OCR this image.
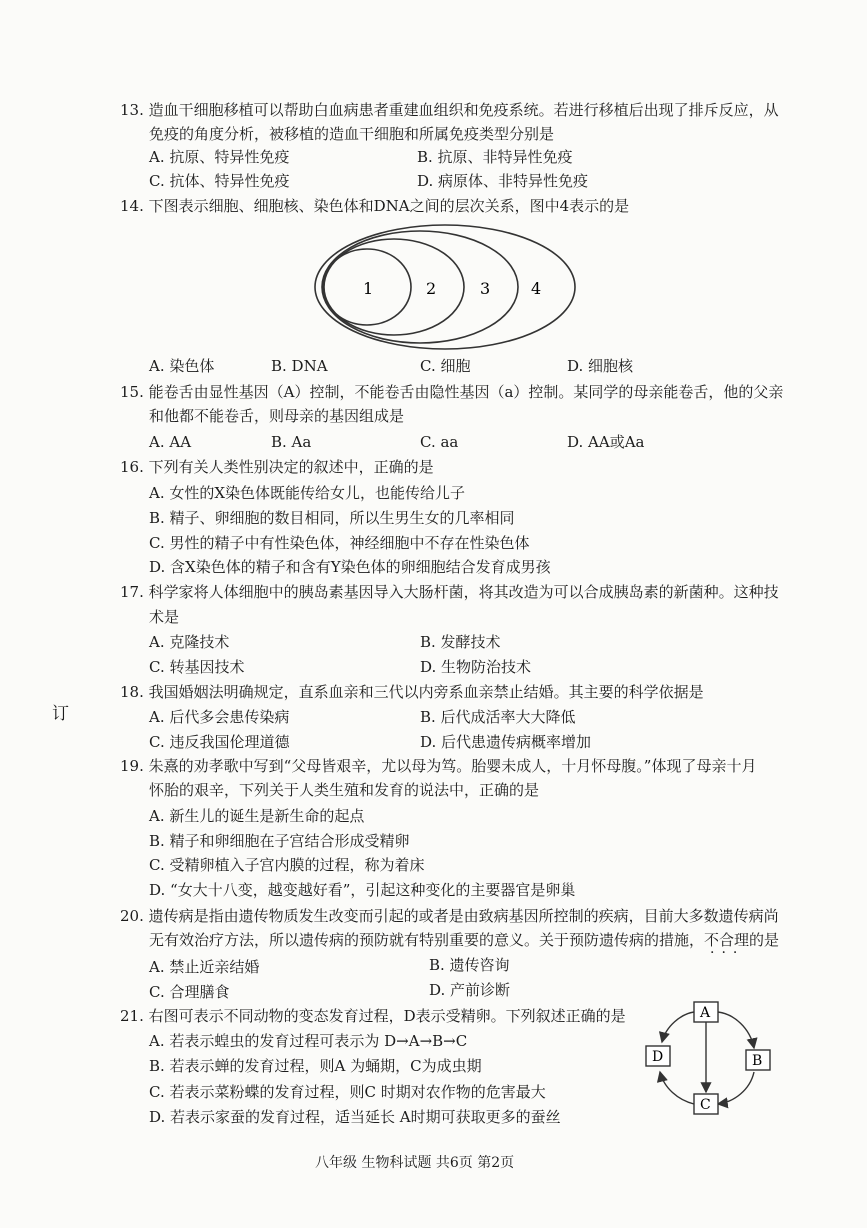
13. 造血干细胞移植可以帮助白血病患者重建血组织和免疫系统。若进行移植后出现了排斥反应，从
免疫的角度分析，被移植的造血干细胞和所属免疫类型分别是
A. 抗原、特异性免疫	B. 抗原、非特异性免疫
C. 抗体、特异性免疫	D. 病原体、非特异性免疫
14. 下图表示细胞、细胞核、染色体和DNA之间的层次关系，图中4表示的是
1	2	3	4
A. 染色体	B. DNA	C. 细胞	D. 细胞核
15. 能卷舌由显性基因（A）控制，不能卷舌由隐性基因（a）控制。某同学的母亲能卷舌，他的父亲
和他都不能卷舌，则母亲的基因组成是
A. AA	B. Aa	C. aa	D. AA或Aa
16. 下列有关人类性别决定的叙述中，正确的是
A. 女性的X染色体既能传给女儿，也能传给儿子
B. 精子、卵细胞的数目相同，所以生男生女的几率相同
C. 男性的精子中有性染色体，神经细胞中不存在性染色体
D. 含X染色体的精子和含有Y染色体的卵细胞结合发育成男孩
17. 科学家将人体细胞中的胰岛素基因导入大肠杆菌，将其改造为可以合成胰岛素的新菌种。这种技
术是
A. 克隆技术	B. 发酵技术
C. 转基因技术	D. 生物防治技术
18. 我国婚姻法明确规定，直系血亲和三代以内旁系血亲禁止结婚。其主要的科学依据是
订	A. 后代多会患传染病	B. 后代成活率大大降低
C. 违反我国伦理道德	D. 后代患遗传病概率增加
19. 朱熹的劝孝歌中写到“父母皆艰辛，尤以母为笃。胎婴未成人，十月怀母腹。”体现了母亲十月
怀胎的艰辛，下列关于人类生殖和发育的说法中，正确的是
A. 新生儿的诞生是新生命的起点
B. 精子和卵细胞在子宫结合形成受精卵
C. 受精卵植入子宫内膜的过程，称为着床
D. “女大十八变，越变越好看”，引起这种变化的主要器官是卵巢
20. 遗传病是指由遗传物质发生改变而引起的或者是由致病基因所控制的疾病，目前大多数遗传病尚
无有效治疗方法，所以遗传病的预防就有特别重要的意义。关于预防遗传病的措施，不合理的是
·​·​·
A. 禁止近亲结婚	B. 遗传咨询
C. 合理膳食	D. 产前诊断
21. 右图可表示不同动物的变态发育过程，D表示受精卵。下列叙述正确的是
A. 若表示蝗虫的发育过程可表示为 D→A→B→C
B. 若表示蝉的发育过程，则A 为蛹期，C为成虫期
C. 若表示菜粉蝶的发育过程，则C 时期对农作物的危害最大
D. 若表示家蚕的发育过程，适当延长 A时期可获取更多的蚕丝
A
B
C
D
八年级 生物科试题 共6页 第2页
